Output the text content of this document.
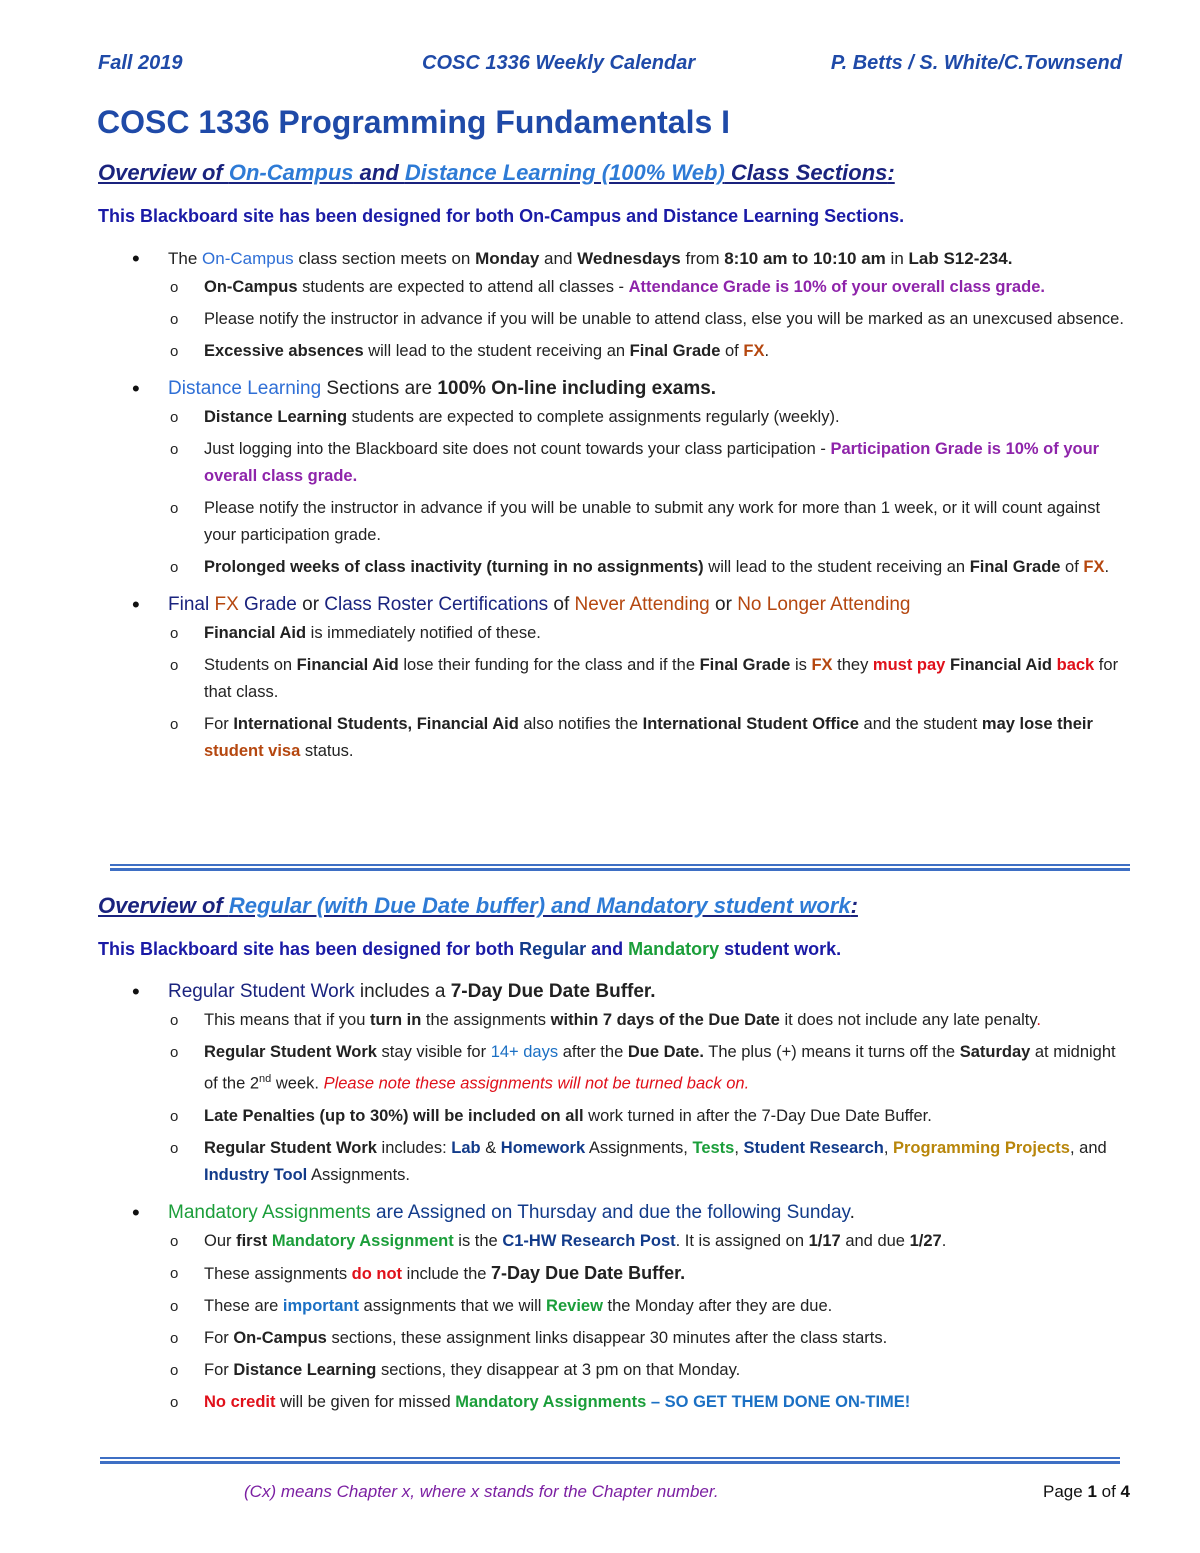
Fall 2019	COSC 1336 Weekly Calendar	P. Betts / S. White/C.Townsend
COSC 1336 Programming Fundamentals I
Overview of On-Campus and Distance Learning (100% Web) Class Sections:

This Blackboard site has been designed for both On-Campus and Distance Learning Sections.

• The On-Campus class section meets on Monday and Wednesdays from 8:10 am to 10:10 am in Lab S12-234.
o On-Campus students are expected to attend all classes - Attendance Grade is 10% of your overall class grade.
o Please notify the instructor in advance if you will be unable to attend class, else you will be marked as an unexcused absence.
o Excessive absences will lead to the student receiving an Final Grade of FX.
• Distance Learning Sections are 100% On-line including exams.
o Distance Learning students are expected to complete assignments regularly (weekly).
o Just logging into the Blackboard site does not count towards your class participation - Participation Grade is 10% of your overall class grade.
o Please notify the instructor in advance if you will be unable to submit any work for more than 1 week, or it will count against your participation grade.
o Prolonged weeks of class inactivity (turning in no assignments) will lead to the student receiving an Final Grade of FX.
• Final FX Grade or Class Roster Certifications of Never Attending or No Longer Attending
o Financial Aid is immediately notified of these.
o Students on Financial Aid lose their funding for the class and if the Final Grade is FX they must pay Financial Aid back for that class.
o For International Students, Financial Aid also notifies the International Student Office and the student may lose their student visa status.
Overview of Regular (with Due Date buffer) and Mandatory student work:

This Blackboard site has been designed for both Regular and Mandatory student work.

• Regular Student Work includes a 7-Day Due Date Buffer.
o This means that if you turn in the assignments within 7 days of the Due Date it does not include any late penalty.
o Regular Student Work stay visible for 14+ days after the Due Date. The plus (+) means it turns off the Saturday at midnight of the 2nd week. Please note these assignments will not be turned back on.
o Late Penalties (up to 30%) will be included on all work turned in after the 7-Day Due Date Buffer.
o Regular Student Work includes: Lab & Homework Assignments, Tests, Student Research, Programming Projects, and Industry Tool Assignments.
• Mandatory Assignments are Assigned on Thursday and due the following Sunday.
o Our first Mandatory Assignment is the C1-HW Research Post. It is assigned on 1/17 and due 1/27.
o These assignments do not include the 7-Day Due Date Buffer.
o These are important assignments that we will Review the Monday after they are due.
o For On-Campus sections, these assignment links disappear 30 minutes after the class starts.
o For Distance Learning sections, they disappear at 3 pm on that Monday.
o No credit will be given for missed Mandatory Assignments – SO GET THEM DONE ON-TIME!
(Cx) means Chapter x, where x stands for the Chapter number.	Page 1 of 4
